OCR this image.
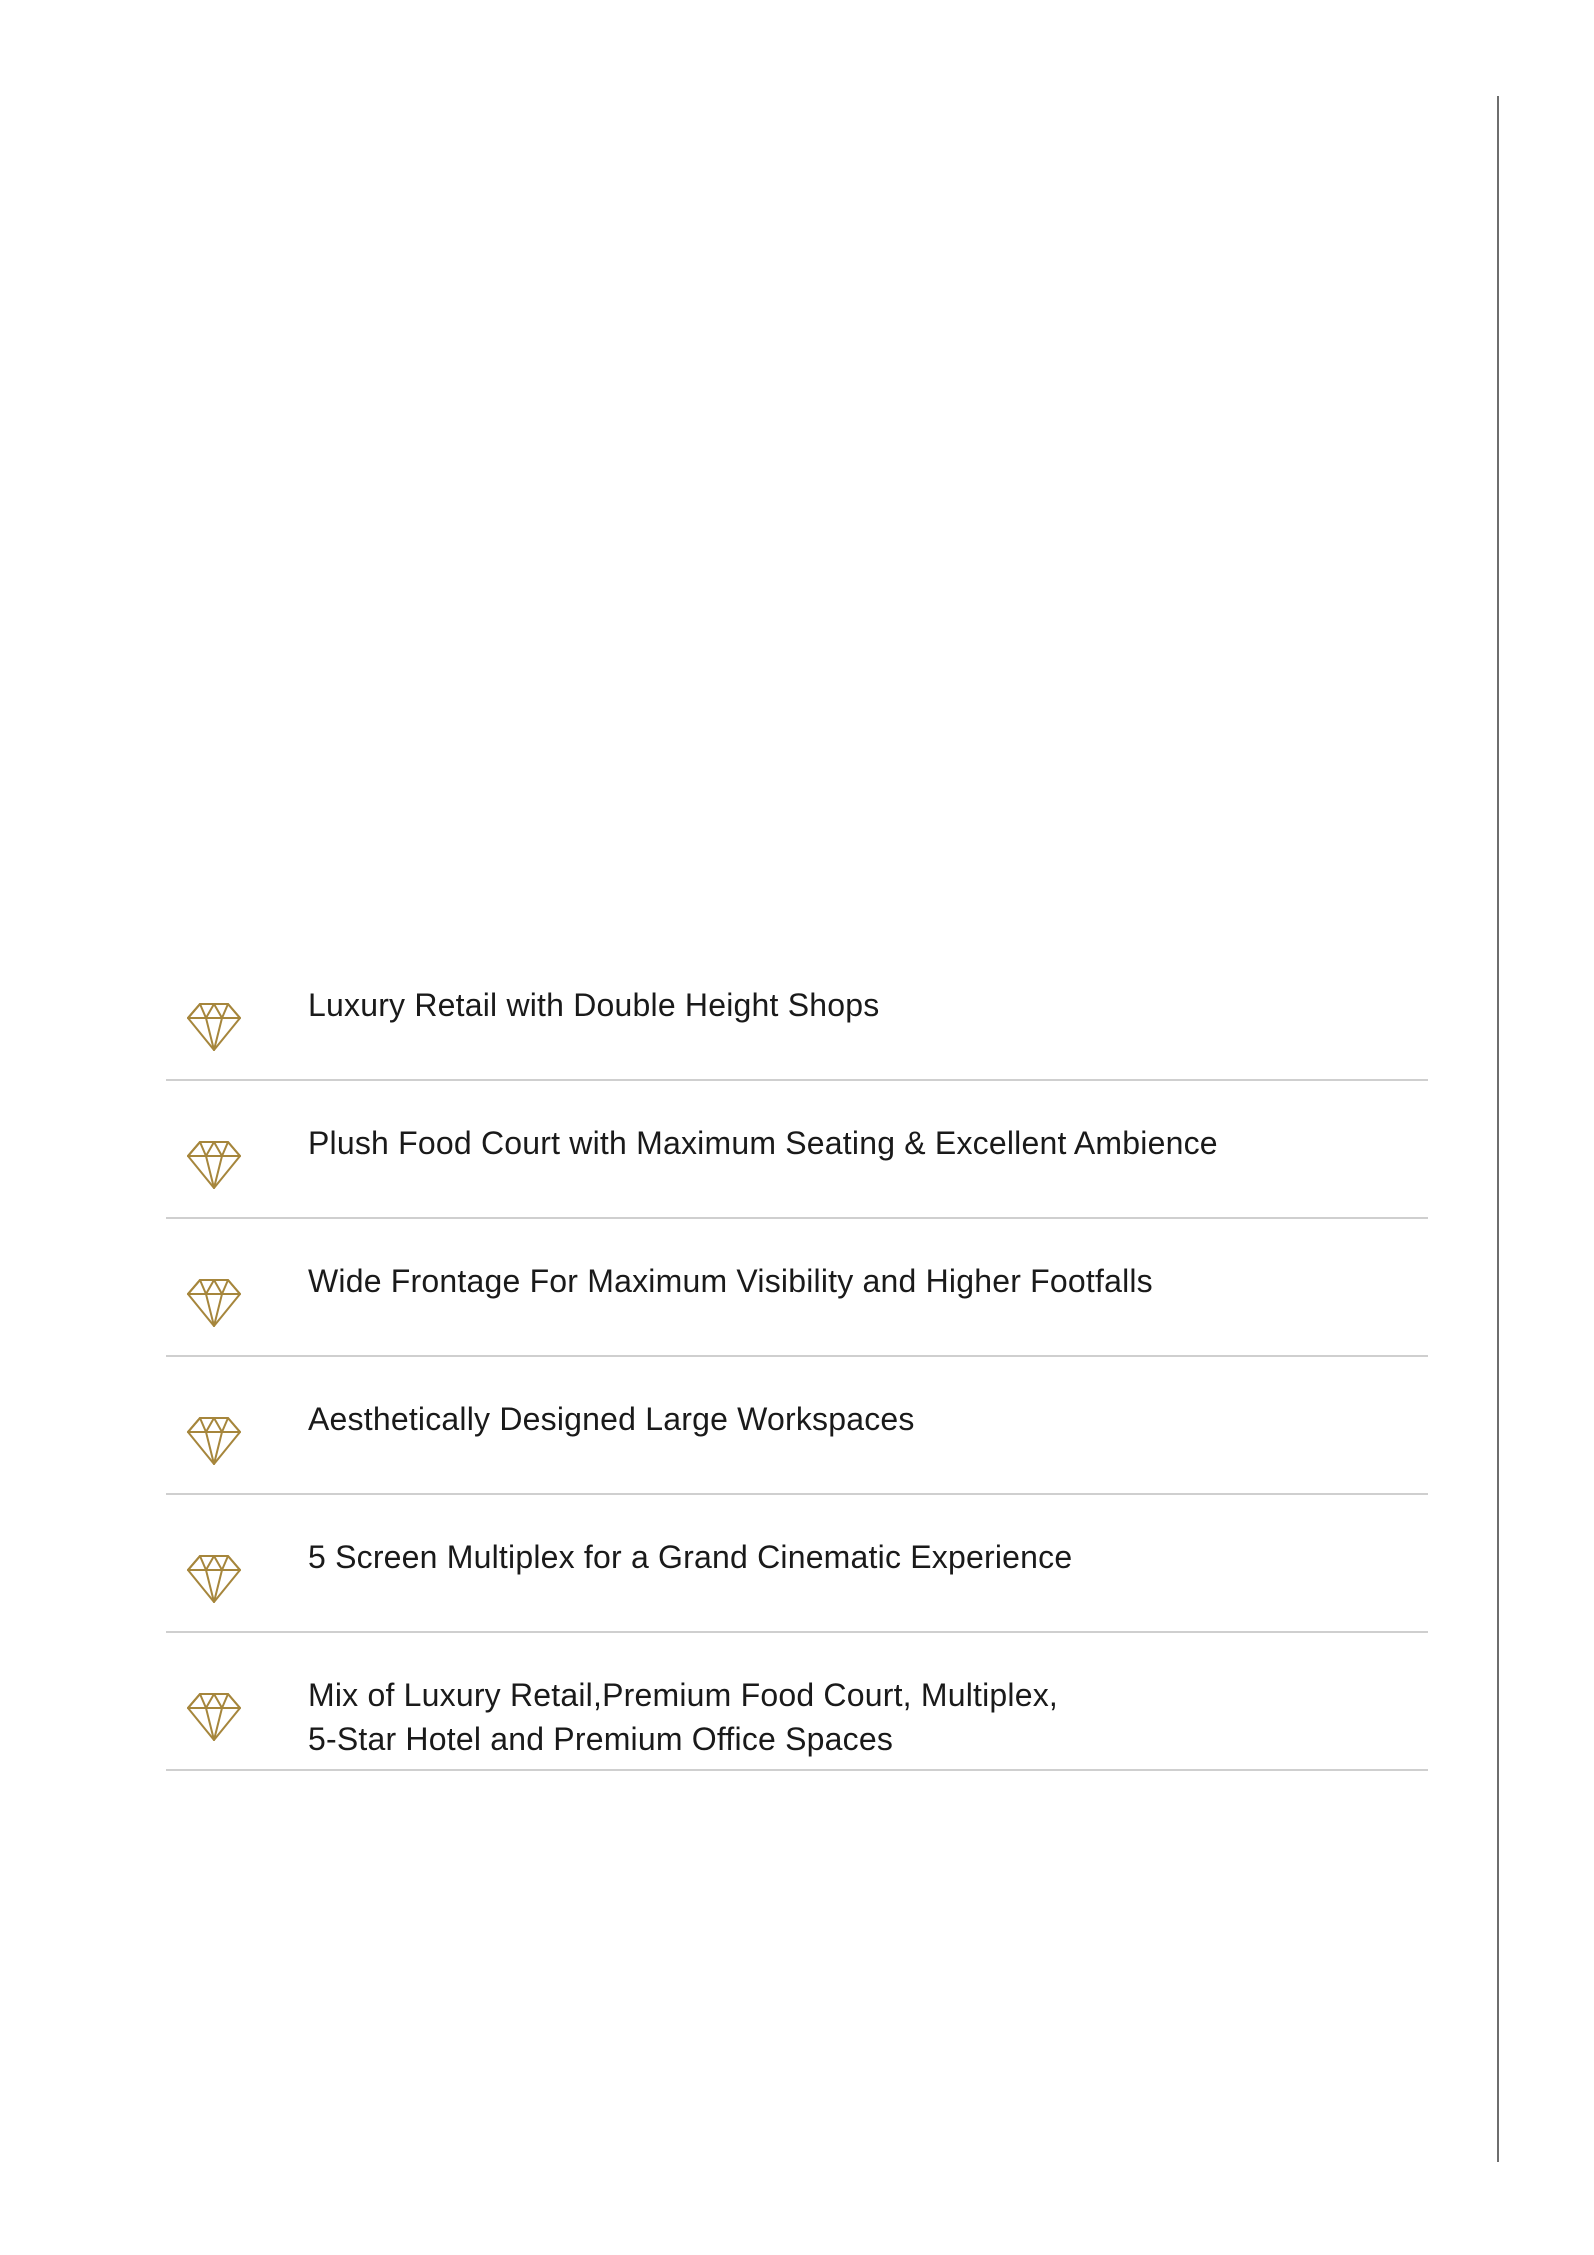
Luxury Retail with Double Height Shops
Plush Food Court with Maximum Seating & Excellent Ambience
Wide Frontage For Maximum Visibility and Higher Footfalls
Aesthetically Designed Large Workspaces
5 Screen Multiplex for a Grand Cinematic Experience
Mix of Luxury Retail,Premium Food Court, Multiplex,
5-Star Hotel and Premium Office Spaces
